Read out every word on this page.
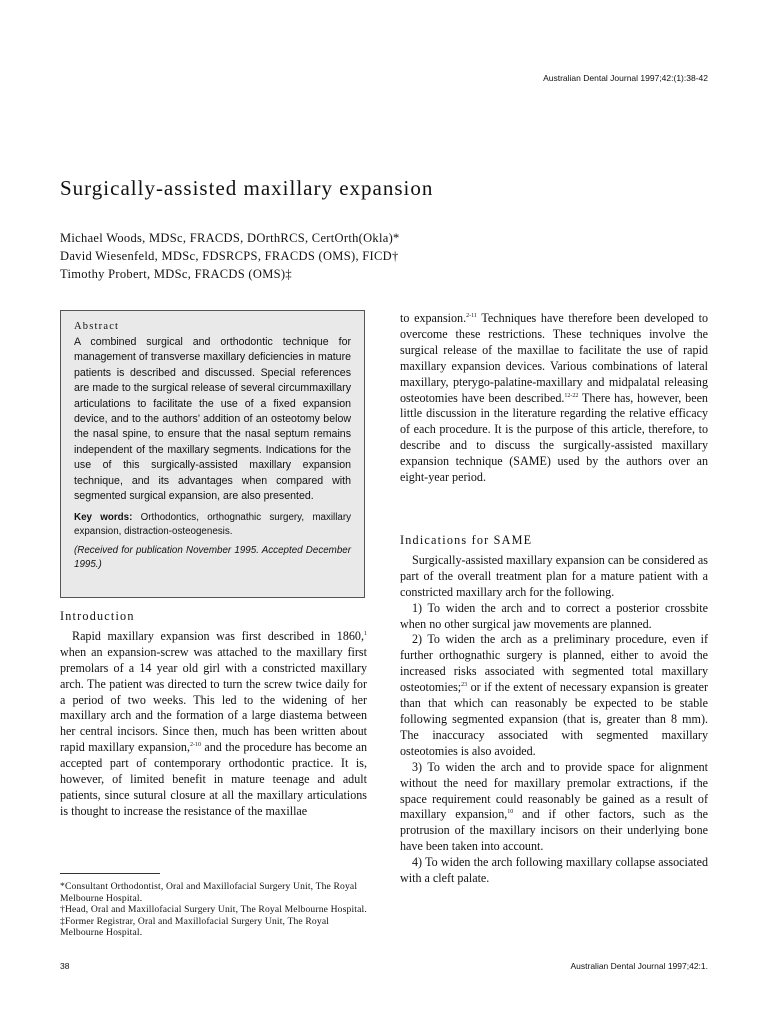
Australian Dental Journal 1997;42:(1):38-42
Surgically-assisted maxillary expansion
Michael Woods, MDSc, FRACDS, DOrthRCS, CertOrth(Okla)*
David Wiesenfeld, MDSc, FDSRCPS, FRACDS (OMS), FICD†
Timothy Probert, MDSc, FRACDS (OMS)‡
Abstract
A combined surgical and orthodontic technique for management of transverse maxillary deficiencies in mature patients is described and discussed. Special references are made to the surgical release of several circummaxillary articulations to facilitate the use of a fixed expansion device, and to the authors’ addition of an osteotomy below the nasal spine, to ensure that the nasal septum remains independent of the maxillary segments. Indications for the use of this surgically-assisted maxillary expansion technique, and its advantages when compared with segmented surgical expansion, are also presented.
Key words: Orthodontics, orthognathic surgery, maxillary expansion, distraction-osteogenesis.
(Received for publication November 1995. Accepted December 1995.)
Introduction

Rapid maxillary expansion was first described in 1860,$^1$ when an expansion-screw was attached to the maxillary first premolars of a 14 year old girl with a constricted maxillary arch. The patient was directed to turn the screw twice daily for a period of two weeks. This led to the widening of her maxillary arch and the formation of a large diastema between her central incisors. Since then, much has been written about rapid maxillary expansion,$^{2-10}$ and the procedure has become an accepted part of contemporary orthodontic practice. It is, however, of limited benefit in mature teenage and adult patients, since sutural closure at all the maxillary articulations is thought to increase the resistance of the maxillae

*Consultant Orthodontist, Oral and Maxillofacial Surgery Unit, The Royal Melbourne Hospital.
†Head, Oral and Maxillofacial Surgery Unit, The Royal Melbourne Hospital.
‡Former Registrar, Oral and Maxillofacial Surgery Unit, The Royal Melbourne Hospital.

to expansion.$^{2-11}$ Techniques have therefore been developed to overcome these restrictions. These techniques involve the surgical release of the maxillae to facilitate the use of rapid maxillary expansion devices. Various combinations of lateral maxillary, pterygo-palatine-maxillary and midpalatal releasing osteotomies have been described.$^{12-22}$ There has, however, been little discussion in the literature regarding the relative efficacy of each procedure. It is the purpose of this article, therefore, to describe and to discuss the surgically-assisted maxillary expansion technique (SAME) used by the authors over an eight-year period.

Indications for SAME

Surgically-assisted maxillary expansion can be considered as part of the overall treatment plan for a mature patient with a constricted maxillary arch for the following.

1) To widen the arch and to correct a posterior crossbite when no other surgical jaw movements are planned.

2) To widen the arch as a preliminary procedure, even if further orthognathic surgery is planned, either to avoid the increased risks associated with segmented total maxillary osteotomies;$^{23}$ or if the extent of necessary expansion is greater than that which can reasonably be expected to be stable following segmented expansion (that is, greater than 8 mm). The inaccuracy associated with segmented maxillary osteotomies is also avoided.

3) To widen the arch and to provide space for alignment without the need for maxillary premolar extractions, if the space requirement could reasonably be gained as a result of maxillary expansion,$^{10}$ and if other factors, such as the protrusion of the maxillary incisors on their underlying bone have been taken into account.

4) To widen the arch following maxillary collapse associated with a cleft palate.

38	Australian Dental Journal 1997;42:1.
